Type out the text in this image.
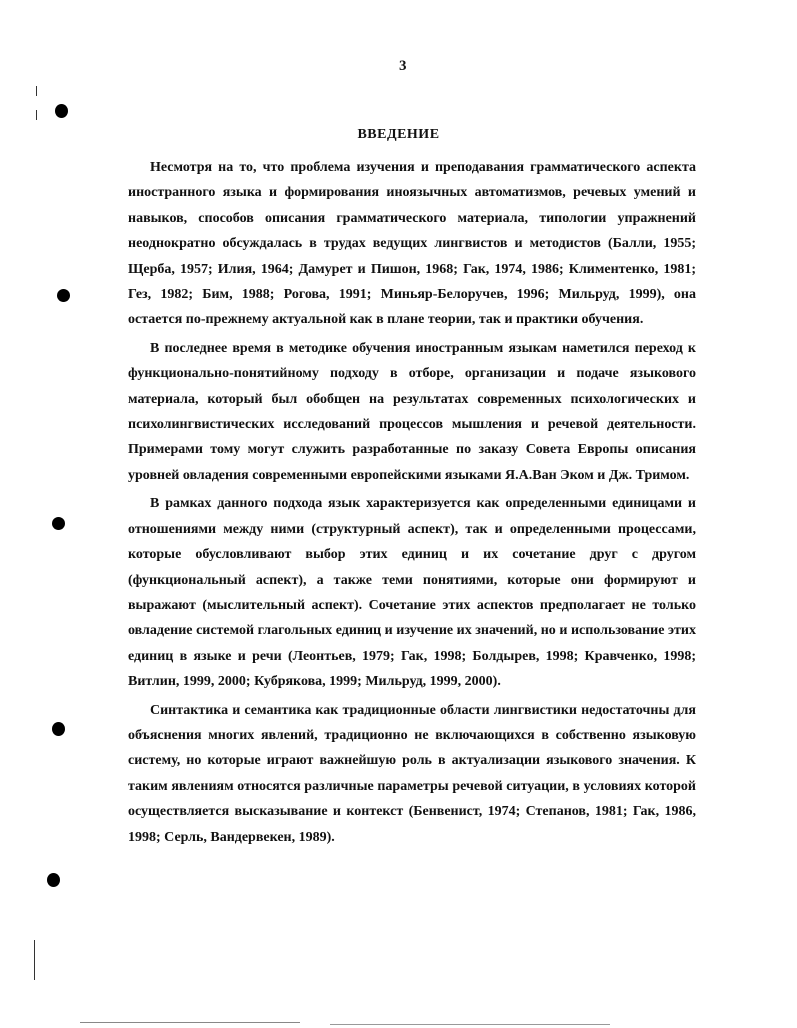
3
ВВЕДЕНИЕ

Несмотря на то, что проблема изучения и преподавания грамматического аспекта иностранного языка и формирования иноязычных автоматизмов, речевых умений и навыков, способов описания грамматического материала, типологии упражнений неоднократно обсуждалась в трудах ведущих лингвистов и методистов (Балли, 1955; Щерба, 1957; Илия, 1964; Дамурет и Пишон, 1968; Гак, 1974, 1986; Климентенко, 1981; Гез, 1982; Бим, 1988; Рогова, 1991; Миньяр-Белоручев, 1996; Мильруд, 1999), она остается по-прежнему актуальной как в плане теории, так и практики обучения.

В последнее время в методике обучения иностранным языкам наметился переход к функционально-понятийному подходу в отборе, организации и подаче языкового материала, который был обобщен на результатах современных психологических и психолингвистических исследований процессов мышления и речевой деятельности. Примерами тому могут служить разработанные по заказу Совета Европы описания уровней овладения современными европейскими языками Я.А.Ван Эком и Дж. Тримом.

В рамках данного подхода язык характеризуется как определенными единицами и отношениями между ними (структурный аспект), так и определенными процессами, которые обусловливают выбор этих единиц и их сочетание друг с другом (функциональный аспект), а также теми понятиями, которые они формируют и выражают (мыслительный аспект). Сочетание этих аспектов предполагает не только овладение системой глагольных единиц и изучение их значений, но и использование этих единиц в языке и речи (Леонтьев, 1979; Гак, 1998; Болдырев, 1998; Кравченко, 1998; Витлин, 1999, 2000; Кубрякова, 1999; Мильруд, 1999, 2000).

Синтактика и семантика как традиционные области лингвистики недостаточны для объяснения многих явлений, традиционно не включающихся в собственно языковую систему, но которые играют важнейшую роль в актуализации языкового значения. К таким явлениям относятся различные параметры речевой ситуации, в условиях которой осуществляется высказывание и контекст (Бенвенист, 1974; Степанов, 1981; Гак, 1986, 1998; Серль, Вандервекен, 1989).
